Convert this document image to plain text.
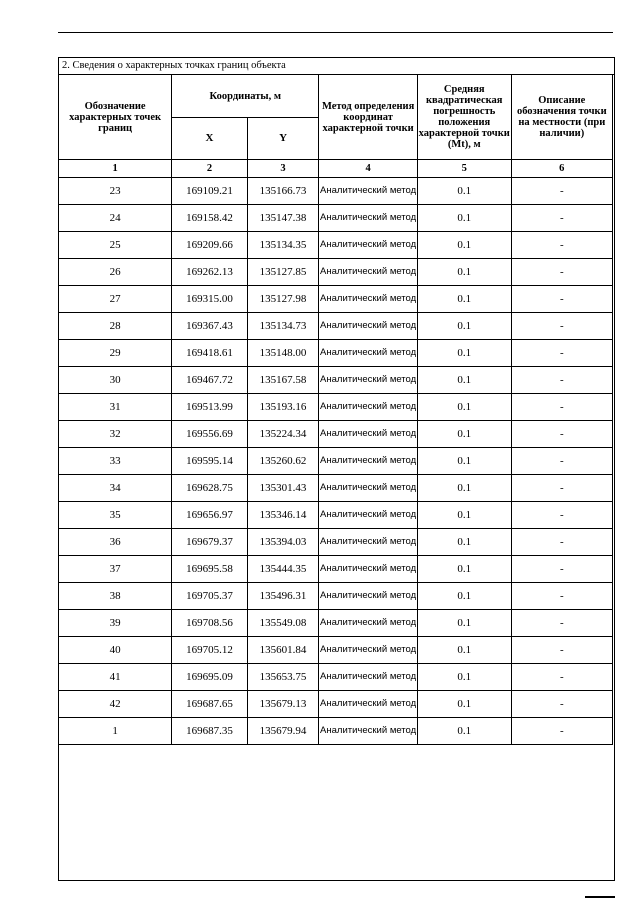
2. Сведения о характерных точках границ объекта
Обозначение характерных точек границ	Координаты, м		Метод определения координат характерной точки	Средняя квадратическая погрешность положения характерной точки (Mt), м	Описание обозначения точки на местности (при наличии)
	X	Y			
1	2	3	4	5	6
23	169109.21	135166.73	Аналитический метод	0.1	-
24	169158.42	135147.38	Аналитический метод	0.1	-
25	169209.66	135134.35	Аналитический метод	0.1	-
26	169262.13	135127.85	Аналитический метод	0.1	-
27	169315.00	135127.98	Аналитический метод	0.1	-
28	169367.43	135134.73	Аналитический метод	0.1	-
29	169418.61	135148.00	Аналитический метод	0.1	-
30	169467.72	135167.58	Аналитический метод	0.1	-
31	169513.99	135193.16	Аналитический метод	0.1	-
32	169556.69	135224.34	Аналитический метод	0.1	-
33	169595.14	135260.62	Аналитический метод	0.1	-
34	169628.75	135301.43	Аналитический метод	0.1	-
35	169656.97	135346.14	Аналитический метод	0.1	-
36	169679.37	135394.03	Аналитический метод	0.1	-
37	169695.58	135444.35	Аналитический метод	0.1	-
38	169705.37	135496.31	Аналитический метод	0.1	-
39	169708.56	135549.08	Аналитический метод	0.1	-
40	169705.12	135601.84	Аналитический метод	0.1	-
41	169695.09	135653.75	Аналитический метод	0.1	-
42	169687.65	135679.13	Аналитический метод	0.1	-
1	169687.35	135679.94	Аналитический метод	0.1	-
